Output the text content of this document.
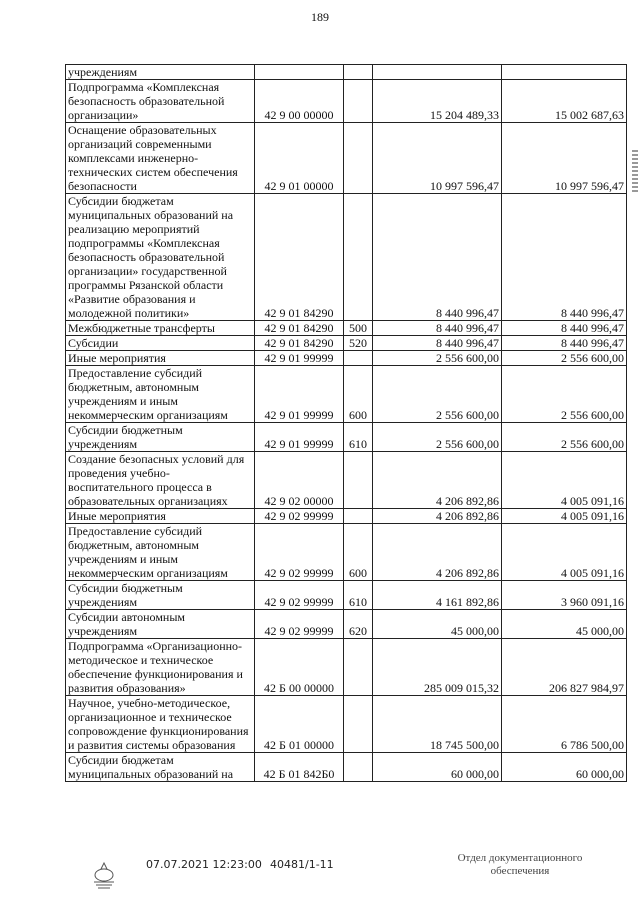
189
учреждениям				
Подпрограмма «Комплексная безопасность образовательной организации»	42 9 00 00000		15 204 489,33	15 002 687,63
Оснащение образовательных организаций современными комплексами инженерно-технических систем обеспечения безопасности	42 9 01 00000		10 997 596,47	10 997 596,47
Субсидии бюджетам муниципальных образований на реализацию мероприятий подпрограммы «Комплексная безопасность образовательной организации» государственной программы Рязанской области «Развитие образования и молодежной политики»	42 9 01 84290		8 440 996,47	8 440 996,47
Межбюджетные трансферты	42 9 01 84290	500	8 440 996,47	8 440 996,47
Субсидии	42 9 01 84290	520	8 440 996,47	8 440 996,47
Иные мероприятия	42 9 01 99999		2 556 600,00	2 556 600,00
Предоставление субсидий бюджетным, автономным учреждениям и иным некоммерческим организациям	42 9 01 99999	600	2 556 600,00	2 556 600,00
Субсидии бюджетным учреждениям	42 9 01 99999	610	2 556 600,00	2 556 600,00
Создание безопасных условий для проведения учебно-воспитательного процесса в образовательных организациях	42 9 02 00000		4 206 892,86	4 005 091,16
Иные мероприятия	42 9 02 99999		4 206 892,86	4 005 091,16
Предоставление субсидий бюджетным, автономным учреждениям и иным некоммерческим организациям	42 9 02 99999	600	4 206 892,86	4 005 091,16
Субсидии бюджетным учреждениям	42 9 02 99999	610	4 161 892,86	3 960 091,16
Субсидии автономным учреждениям	42 9 02 99999	620	45 000,00	45 000,00
Подпрограмма «Организационно-методическое и техническое обеспечение функционирования и развития образования»	42 Б 00 00000		285 009 015,32	206 827 984,97
Научное, учебно-методическое, организационное и техническое сопровождение функционирования и развития системы образования	42 Б 01 00000		18 745 500,00	6 786 500,00
Субсидии бюджетам муниципальных образований на	42 Б 01 842Б0		60 000,00	60 000,00
07.07.2021 12:23:00 40481/1-11	Отдел документационного
обеспечения
